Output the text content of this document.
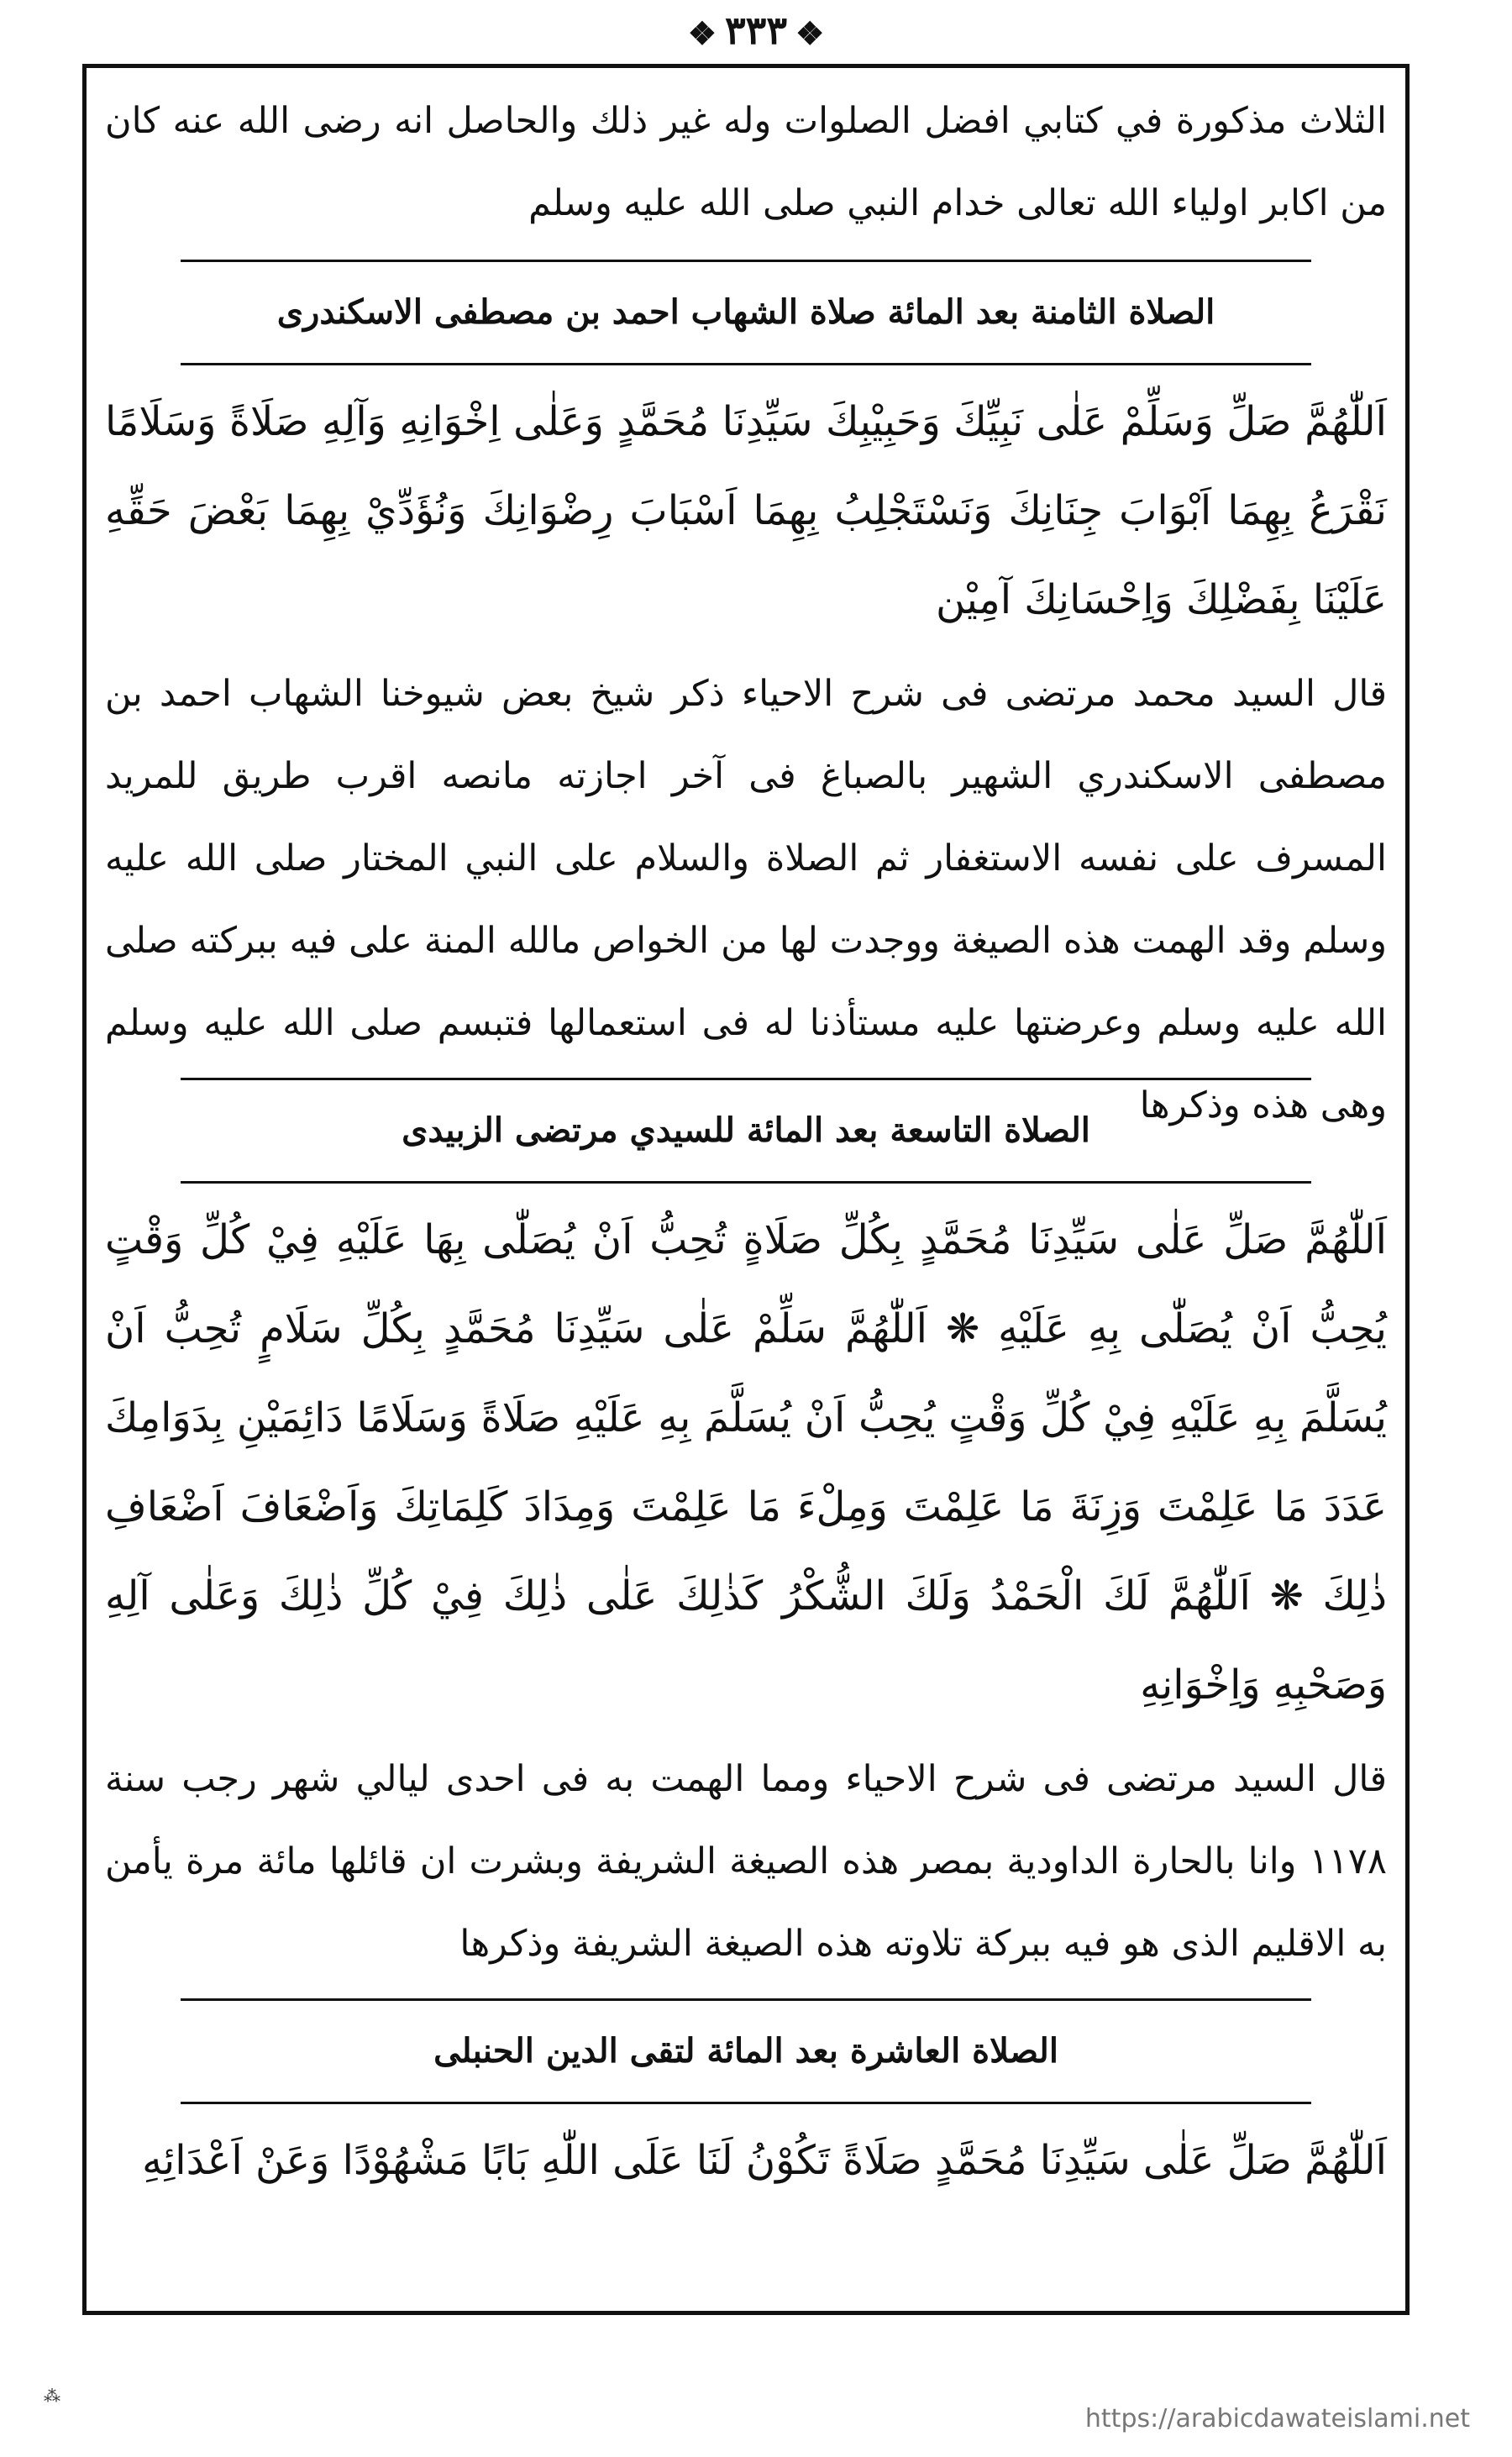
❖ ٣٣٣ ❖

الثلاث مذكورة في كتابي افضل الصلوات وله غير ذلك والحاصل انه رضى الله عنه كان من اكابر اولياء الله تعالى خدام النبي صلى الله عليه وسلم

الصلاة الثامنة بعد المائة صلاة الشهاب احمد بن مصطفى الاسكندرى

اَللّٰهُمَّ صَلِّ وَسَلِّمْ عَلٰى نَبِيِّكَ وَحَبِيْبِكَ سَيِّدِنَا مُحَمَّدٍ وَعَلٰى اِخْوَانِهِ وَآلِهِ صَلَاةً وَسَلَامًا نَقْرَعُ بِهِمَا اَبْوَابَ جِنَانِكَ وَنَسْتَجْلِبُ بِهِمَا اَسْبَابَ رِضْوَانِكَ وَنُؤَدِّيْ بِهِمَا بَعْضَ حَقِّهِ عَلَيْنَا بِفَضْلِكَ وَاِحْسَانِكَ آمِيْن

قال السيد محمد مرتضى فى شرح الاحياء ذكر شيخ بعض شيوخنا الشهاب احمد بن مصطفى الاسكندري الشهير بالصباغ فى آخر اجازته مانصه اقرب طريق للمريد المسرف على نفسه الاستغفار ثم الصلاة والسلام على النبي المختار صلى الله عليه وسلم وقد الهمت هذه الصيغة ووجدت لها من الخواص مالله المنة على فيه ببركته صلى الله عليه وسلم وعرضتها عليه مستأذنا له فى استعمالها فتبسم صلى الله عليه وسلم وهى هذه وذكرها

الصلاة التاسعة بعد المائة للسيدي مرتضى الزبيدى

اَللّٰهُمَّ صَلِّ عَلٰى سَيِّدِنَا مُحَمَّدٍ بِكُلِّ صَلَاةٍ تُحِبُّ اَنْ يُصَلّٰى بِهَا عَلَيْهِ فِيْ كُلِّ وَقْتٍ يُحِبُّ اَنْ يُصَلّٰى بِهِ عَلَيْهِ ❋ اَللّٰهُمَّ سَلِّمْ عَلٰى سَيِّدِنَا مُحَمَّدٍ بِكُلِّ سَلَامٍ تُحِبُّ اَنْ يُسَلَّمَ بِهِ عَلَيْهِ فِيْ كُلِّ وَقْتٍ يُحِبُّ اَنْ يُسَلَّمَ بِهِ عَلَيْهِ صَلَاةً وَسَلَامًا دَائِمَيْنِ بِدَوَامِكَ عَدَدَ مَا عَلِمْتَ وَزِنَةَ مَا عَلِمْتَ وَمِلْءَ مَا عَلِمْتَ وَمِدَادَ كَلِمَاتِكَ وَاَضْعَافَ اَضْعَافِ ذٰلِكَ ❋ اَللّٰهُمَّ لَكَ الْحَمْدُ وَلَكَ الشُّكْرُ كَذٰلِكَ عَلٰى ذٰلِكَ فِيْ كُلِّ ذٰلِكَ وَعَلٰى آلِهِ وَصَحْبِهِ وَاِخْوَانِهِ

قال السيد مرتضى فى شرح الاحياء ومما الهمت به فى احدى ليالي شهر رجب سنة ١١٧٨ وانا بالحارة الداودية بمصر هذه الصيغة الشريفة وبشرت ان قائلها مائة مرة يأمن به الاقليم الذى هو فيه ببركة تلاوته هذه الصيغة الشريفة وذكرها

الصلاة العاشرة بعد المائة لتقى الدين الحنبلى

اَللّٰهُمَّ صَلِّ عَلٰى سَيِّدِنَا مُحَمَّدٍ صَلَاةً تَكُوْنُ لَنَا عَلَى اللّٰهِ بَابًا مَشْهُوْدًا وَعَنْ اَعْدَائِهِ

⁂
https://arabicdawateislami.net
